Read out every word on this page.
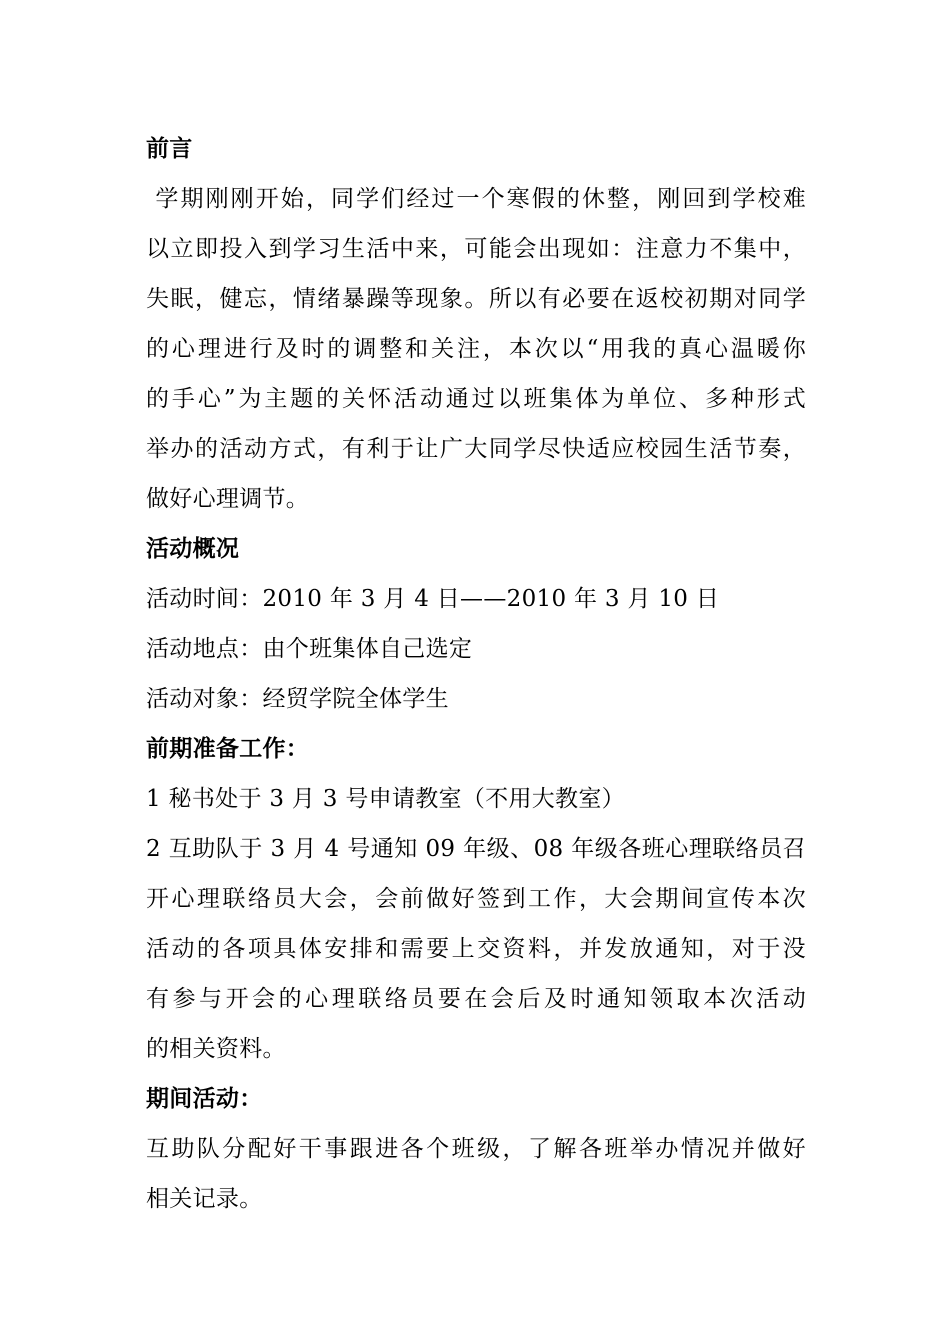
前言

学期刚刚开始，同学们经过一个寒假的休整，刚回到学校难

以立即投入到学习生活中来，可能会出现如：注意力不集中，

失眠，健忘，情绪暴躁等现象。所以有必要在返校初期对同学

的心理进行及时的调整和关注，本次以“用我的真心温暖你

的手心”为主题的关怀活动通过以班集体为单位、多种形式

举办的活动方式，有利于让广大同学尽快适应校园生活节奏，

做好心理调节。

活动概况

活动时间：2010 年 3 月 4 日——2010 年 3 月 10 日

活动地点：由个班集体自己选定

活动对象：经贸学院全体学生

前期准备工作：

1 秘书处于 3 月 3 号申请教室（不用大教室）

2 互助队于 3 月 4 号通知 09 年级、08 年级各班心理联络员召

开心理联络员大会，会前做好签到工作，大会期间宣传本次

活动的各项具体安排和需要上交资料，并发放通知，对于没

有参与开会的心理联络员要在会后及时通知领取本次活动

的相关资料。

期间活动：

互助队分配好干事跟进各个班级，了解各班举办情况并做好

相关记录。
